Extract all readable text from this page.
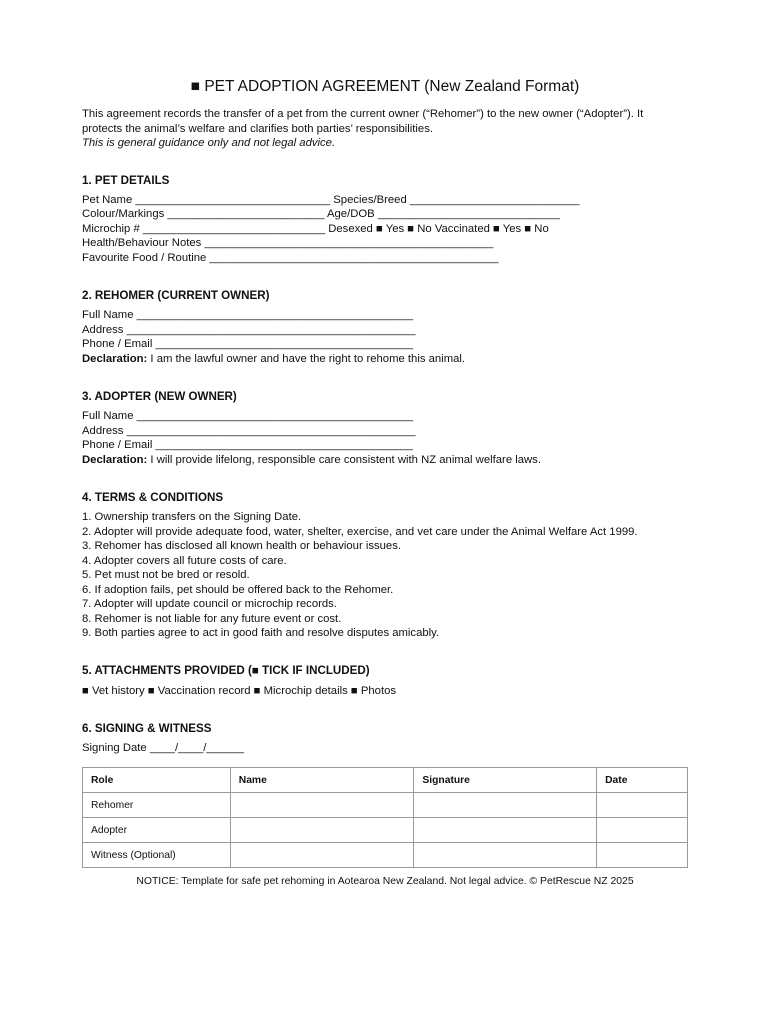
■ PET ADOPTION AGREEMENT (New Zealand Format)
This agreement records the transfer of a pet from the current owner (“Rehomer”) to the new owner (“Adopter”). It
protects the animal’s welfare and clarifies both parties’ responsibilities.
This is general guidance only and not legal advice.
1. PET DETAILS
Pet Name _______________________________ Species/Breed ___________________________
Colour/Markings _________________________ Age/DOB _____________________________
Microchip # _____________________________ Desexed ■ Yes ■ No Vaccinated ■ Yes ■ No
Health/Behaviour Notes ______________________________________________
Favourite Food / Routine ______________________________________________
2. REHOMER (CURRENT OWNER)
Full Name ____________________________________________
Address ______________________________________________
Phone / Email _________________________________________
Declaration: I am the lawful owner and have the right to rehome this animal.
3. ADOPTER (NEW OWNER)
Full Name ____________________________________________
Address ______________________________________________
Phone / Email _________________________________________
Declaration: I will provide lifelong, responsible care consistent with NZ animal welfare laws.
4. TERMS & CONDITIONS
1. Ownership transfers on the Signing Date.
2. Adopter will provide adequate food, water, shelter, exercise, and vet care under the Animal Welfare Act 1999.
3. Rehomer has disclosed all known health or behaviour issues.
4. Adopter covers all future costs of care.
5. Pet must not be bred or resold.
6. If adoption fails, pet should be offered back to the Rehomer.
7. Adopter will update council or microchip records.
8. Rehomer is not liable for any future event or cost.
9. Both parties agree to act in good faith and resolve disputes amicably.
5. ATTACHMENTS PROVIDED (■ TICK IF INCLUDED)
■ Vet history ■ Vaccination record ■ Microchip details ■ Photos
6. SIGNING & WITNESS
Signing Date ____/____/______
Role	Name	Signature	Date
Rehomer			
Adopter			
Witness (Optional)			
NOTICE: Template for safe pet rehoming in Aotearoa New Zealand. Not legal advice. © PetRescue NZ 2025
